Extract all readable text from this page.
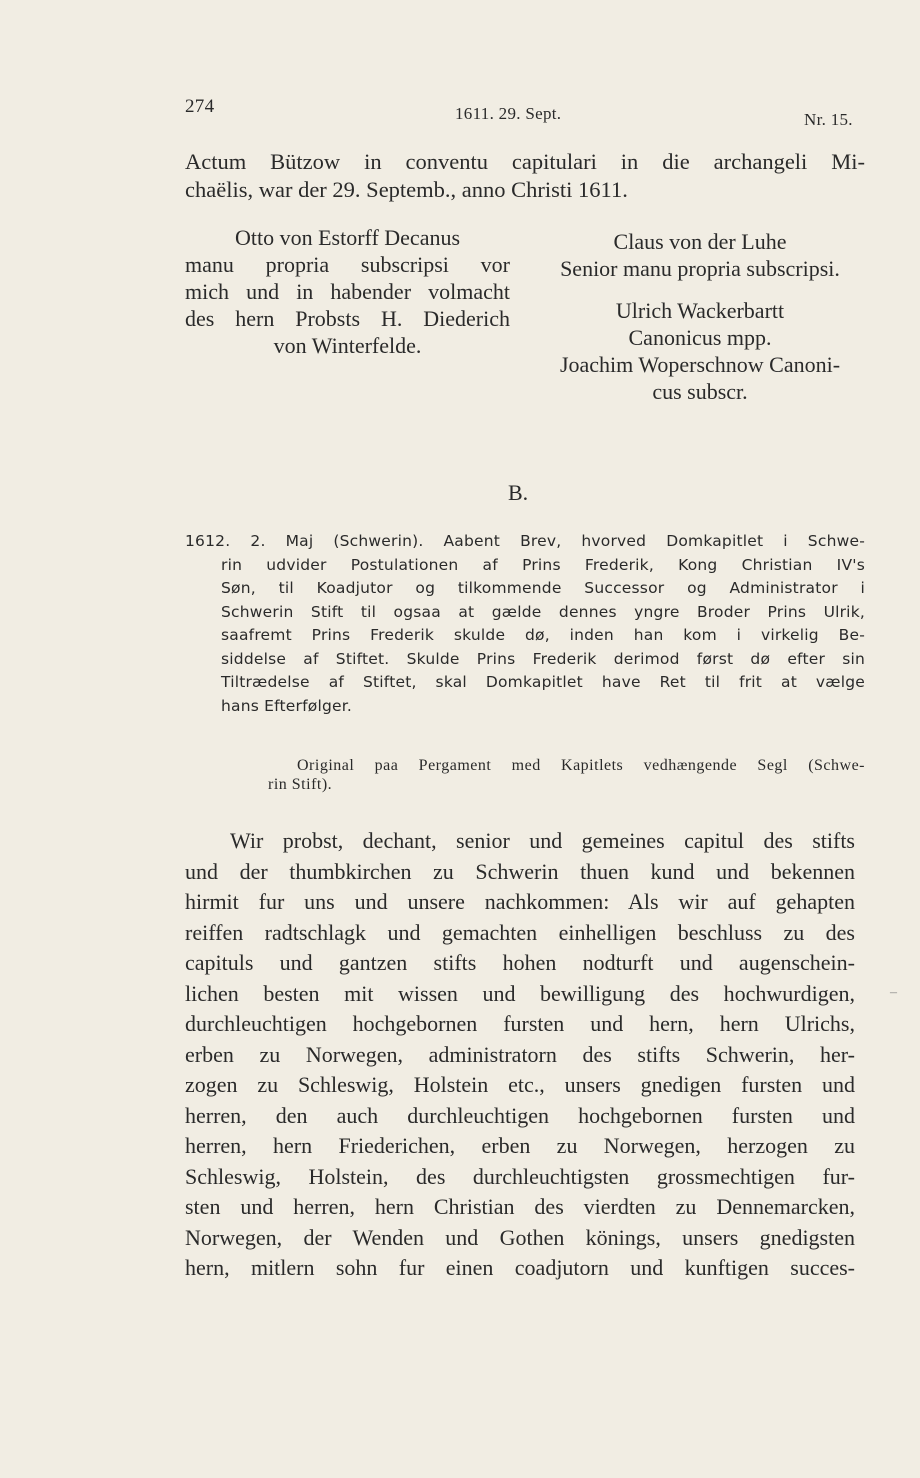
274	1611. 29. Sept.	Nr. 15.
Actum Bützow in conventu capitulari in die archangeli Mi-
chaëlis, war der 29. Septemb., anno Christi 1611.
Otto von Estorff Decanus
manu propria subscripsi vor
mich und in habender volmacht
des hern Probsts H. Diederich
von Winterfelde.
Claus von der Luhe
Senior manu propria subscripsi.
Ulrich Wackerbartt
Canonicus mpp.
Joachim Woperschnow Canoni-
cus subscr.
B.
1612. 2. Maj (Schwerin). Aabent Brev, hvorved Domkapitlet i Schwe-
rin udvider Postulationen af Prins Frederik, Kong Christian IV's
Søn, til Koadjutor og tilkommende Successor og Administrator i
Schwerin Stift til ogsaa at gælde dennes yngre Broder Prins Ulrik,
saafremt Prins Frederik skulde dø, inden han kom i virkelig Be-
siddelse af Stiftet. Skulde Prins Frederik derimod først dø efter sin
Tiltrædelse af Stiftet, skal Domkapitlet have Ret til frit at vælge
hans Efterfølger.
Original paa Pergament med Kapitlets vedhængende Segl (Schwe-
rin Stift).
Wir probst, dechant, senior und gemeines capitul des stifts
und der thumbkirchen zu Schwerin thuen kund und bekennen
hirmit fur uns und unsere nachkommen: Als wir auf gehapten
reiffen radtschlagk und gemachten einhelligen beschluss zu des
capituls und gantzen stifts hohen nodturft und augenschein-
lichen besten mit wissen und bewilligung des hochwurdigen,
durchleuchtigen hochgebornen fursten und hern, hern Ulrichs,
erben zu Norwegen, administratorn des stifts Schwerin, her-
zogen zu Schleswig, Holstein etc., unsers gnedigen fursten und
herren, den auch durchleuchtigen hochgebornen fursten und
herren, hern Friederichen, erben zu Norwegen, herzogen zu
Schleswig, Holstein, des durchleuchtigsten grossmechtigen fur-
sten und herren, hern Christian des vierdten zu Dennemarcken,
Norwegen, der Wenden und Gothen könings, unsers gnedigsten
hern, mitlern sohn fur einen coadjutorn und kunftigen succes-
–
